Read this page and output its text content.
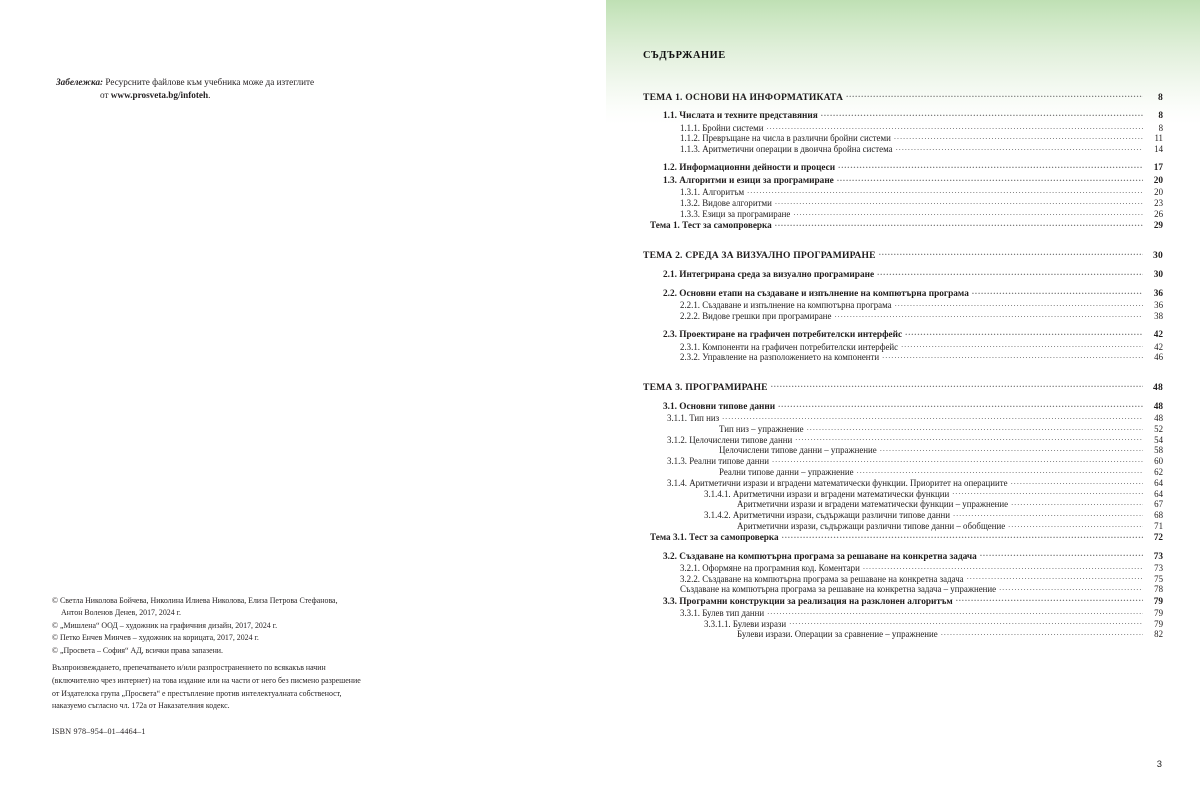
Забележка: Ресурсните файлове към учебника може да изтеглите
от www.prosveta.bg/infoteh.
© Светла Николова Бойчева, Николина Илиева Николова, Елиза Петрова Стефанова,
Антон Воленов Денев, 2017, 2024 г.
© „Мишлена“ ООД – художник на графичния дизайн, 2017, 2024 г.
© Петко Енчев Минчев – художник на корицата, 2017, 2024 г.
© „Просвета – София“ АД, всички права запазени.
Възпроизвеждането, препечатването и/или разпространението по всякакъв начин
(включително чрез интернет) на това издание или на части от него без писмено разрешение
от Издателска група „Просвета“ е престъпление против интелектуалната собственост,
наказуемо съгласно чл. 172а от Наказателния кодекс.
ISBN 978–954–01–4464–1
СЪДЪРЖАНИЕ
ТЕМА 1. ОСНОВИ НА ИНФОРМАТИКАТА .....	8
1.1. Числата и техните представяния .....	8
1.1.1. Бройни системи .....	8
1.1.2. Превръщане на числа в различни бройни системи .....	11
1.1.3. Аритметични операции в двоична бройна система .....	14
1.2. Информационни дейности и процеси .....	17
1.3. Алгоритми и езици за програмиране .....	20
1.3.1. Алгоритъм .....	20
1.3.2. Видове алгоритми .....	23
1.3.3. Езици за програмиране .....	26
Тема 1. Тест за самопроверка .....	29
ТЕМА 2. СРЕДА ЗА ВИЗУАЛНО ПРОГРАМИРАНЕ .....	30
2.1. Интегрирана среда за визуално програмиране .....	30
2.2. Основни етапи на създаване и изпълнение на компютърна програма .....	36
2.2.1. Създаване и изпълнение на компютърна програма .....	36
2.2.2. Видове грешки при програмиране .....	38
2.3. Проектиране на графичен потребителски интерфейс .....	42
2.3.1. Компоненти на графичен потребителски интерфейс .....	42
2.3.2. Управление на разположението на компоненти .....	46
ТЕМА 3. ПРОГРАМИРАНЕ .....	48
3.1. Основни типове данни .....	48
3.1.1. Тип низ .....	48
Тип низ – упражнение .....	52
3.1.2. Целочислени типове данни .....	54
Целочислени типове данни – упражнение .....	58
3.1.3. Реални типове данни .....	60
Реални типове данни – упражнение .....	62
3.1.4. Аритметични изрази и вградени математически функции. Приоритет на операциите .....	64
3.1.4.1. Аритметични изрази и вградени математически функции .....	64
Аритметични изрази и вградени математически функции – упражнение .....	67
3.1.4.2. Аритметични изрази, съдържащи различни типове данни .....	68
Аритметични изрази, съдържащи различни типове данни – обобщение .....	71
Тема 3.1. Тест за самопроверка .....	72
3.2. Създаване на компютърна програма за решаване на конкретна задача .....	73
3.2.1. Оформяне на програмния код. Коментари .....	73
3.2.2. Създаване на компютърна програма за решаване на конкретна задача .....	75
Създаване на компютърна програма за решаване на конкретна задача – упражнение .....	78
3.3. Програмни конструкции за реализация на разклонен алгоритъм .....	79
3.3.1. Булев тип данни .....	79
3.3.1.1. Булеви изрази .....	79
Булеви изрази. Операции за сравнение – упражнение .....	82
3
